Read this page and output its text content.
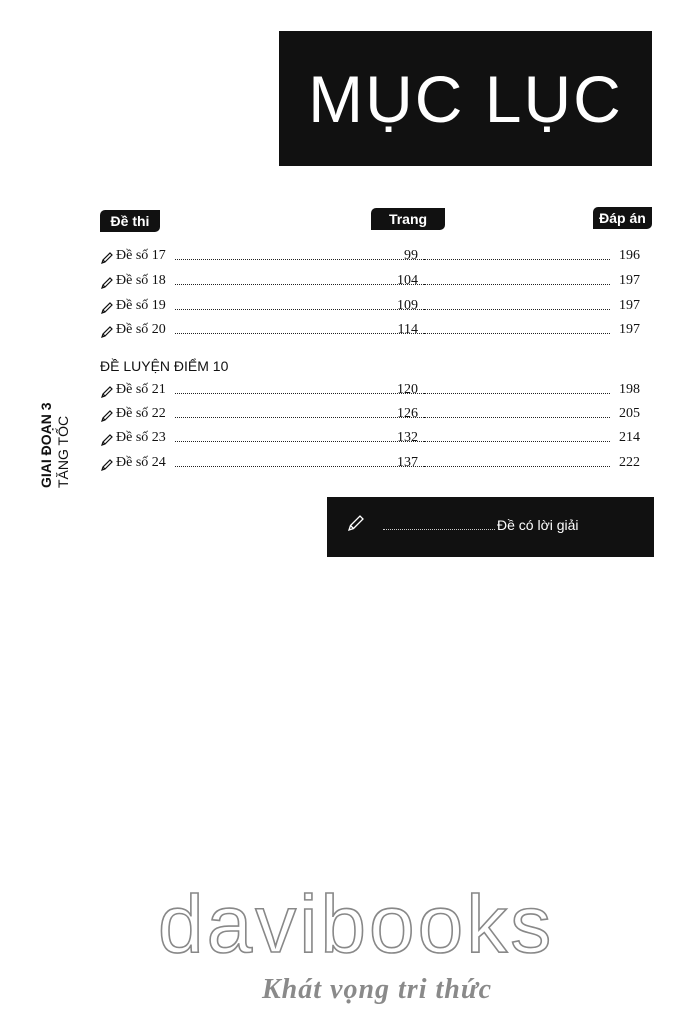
MỤC LỤC
Đề thi	Trang	Đáp án
Đề số 17	99	196
Đề số 18	104	197
Đề số 19	109	197
Đề số 20	114	197
ĐỀ LUYỆN ĐIỂM 10
Đề số 21	120	198
Đề số 22	126	205
Đề số 23	132	214
Đề số 24	137	222
GIAI ĐOẠN 3 TĂNG TỐC
Đề có lời giải
davibooks
Khát vọng tri thức
